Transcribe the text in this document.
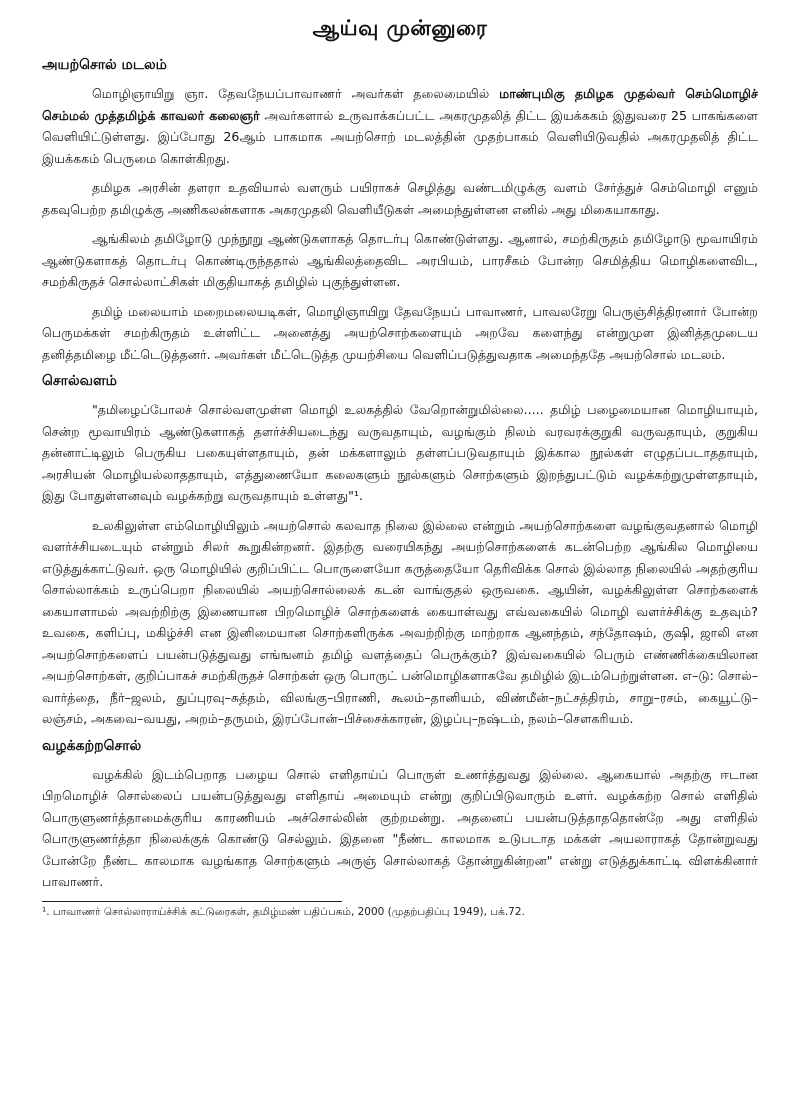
ஆய்வு முன்னுரை
அயற்சொல் மடலம்

மொழிஞாயிறு ஞா. தேவநேயப்பாவாணர் அவர்கள் தலைமையில் மாண்புமிகு தமிழக முதல்வர் செம்மொழிச் செம்மல் முத்தமிழ்க் காவலர் கலைஞர் அவர்களால் உருவாக்கப்பட்ட அகரமுதலித் திட்ட இயக்ககம் இதுவரை 25 பாகங்களை வெளியிட்டுள்ளது. இப்போது 26ஆம் பாகமாக அயற்சொற் மடலத்தின் முதற்பாகம் வெளியிடுவதில் அகரமுதலித் திட்ட இயக்ககம் பெருமை கொள்கிறது.

தமிழக அரசின் தளரா உதவியால் வளரும் பயிராகச் செழித்து வண்டமிழுக்கு வளம் சேர்த்துச் செம்மொழி எனும் தகவுபெற்ற தமிழுக்கு அணிகலன்களாக அகரமுதலி வெளியீடுகள் அமைந்துள்ளன எனில் அது மிகையாகாது.

ஆங்கிலம் தமிழோடு முந்நூறு ஆண்டுகளாகத் தொடர்பு கொண்டுள்ளது. ஆனால், சமற்கிருதம் தமிழோடு மூவாயிரம் ஆண்டுகளாகத் தொடர்பு கொண்டிருந்ததால் ஆங்கிலத்தைவிட அரபியம், பாரசீகம் போன்ற செமித்திய மொழிகளைவிட, சமற்கிருதச் சொல்லாட்சிகள் மிகுதியாகத் தமிழில் புகுந்துள்ளன.

தமிழ் மலையாம் மறைமலையடிகள், மொழிஞாயிறு தேவநேயப் பாவாணர், பாவலரேறு பெருஞ்சித்திரனார் போன்ற பெருமக்கள் சமற்கிருதம் உள்ளிட்ட அனைத்து அயற்சொற்களையும் அறவே களைந்து என்றுமுள இனித்தமுடைய தனித்தமிழை மீட்டெடுத்தனர். அவர்கள் மீட்டெடுத்த முயற்சியை வெளிப்படுத்துவதாக அமைந்ததே அயற்சொல் மடலம்.

சொல்வளம்

"தமிழைப்போலச் சொல்வளமுள்ள மொழி உலகத்தில் வேறொன்றுமில்லை..... தமிழ் பழைமையான மொழியாயும், சென்ற மூவாயிரம் ஆண்டுகளாகத் தளர்ச்சியடைந்து வருவதாயும், வழங்கும் நிலம் வரவரக்குறுகி வருவதாயும், குறுகிய தன்னாட்டிலும் பெருகிய பகையுள்ளதாயும், தன் மக்களாலும் தள்ளப்படுவதாயும் இக்கால நூல்கள் எழுதப்படாததாயும், அரசியன் மொழியல்லாததாயும், எத்துணையோ கலைகளும் நூல்களும் சொற்களும் இறந்துபட்டும் வழக்கற்றுமுள்ளதாயும், இது போதுள்ளனவும் வழக்கற்று வருவதாயும் உள்ளது"¹.

உலகிலுள்ள எம்மொழியிலும் அயற்சொல் கலவாத நிலை இல்லை என்றும் அயற்சொற்களை வழங்குவதனால் மொழி வளர்ச்சியடையும் என்றும் சிலர் கூறுகின்றனர். இதற்கு வரையிகந்து அயற்சொற்களைக் கடன்பெற்ற ஆங்கில மொழியை எடுத்துக்காட்டுவர். ஒரு மொழியில் குறிப்பிட்ட பொருளையோ கருத்தையோ தெரிவிக்க சொல் இல்லாத நிலையில் அதற்குரிய சொல்லாக்கம் உருப்பெறா நிலையில் அயற்சொல்லைக் கடன் வாங்குதல் ஒருவகை. ஆயின், வழக்கிலுள்ள சொற்களைக் கையாளாமல் அவற்றிற்கு இணையான பிறமொழிச் சொற்களைக் கையாள்வது எவ்வகையில் மொழி வளர்ச்சிக்கு உதவும்? உவகை, களிப்பு, மகிழ்ச்சி என இனிமையான சொற்களிருக்க அவற்றிற்கு மாற்றாக ஆனந்தம், சந்தோஷம், குஷி, ஜாலி என அயற்சொற்களைப் பயன்படுத்துவது எங்ஙனம் தமிழ் வளத்தைப் பெருக்கும்? இவ்வகையில் பெரும் எண்ணிக்கையிலான அயற்சொற்கள், குறிப்பாகச் சமற்கிருதச் சொற்கள் ஒரு பொருட் பன்மொழிகளாகவே தமிழில் இடம்பெற்றுள்ளன. எ–டு: சொல்–வார்த்தை, நீர்–ஜலம், துப்புரவு–சுத்தம், விலங்கு–பிராணி, கூலம்–தானியம், விண்மீன்–நட்சத்திரம், சாறு–ரசம், கையூட்டு–லஞ்சம், அகவை–வயது, அறம்–தருமம், இரப்போன்–பிச்சைக்காரன், இழப்பு–நஷ்டம், நலம்–சௌகரியம்.

வழக்கற்றசொல்

வழக்கில் இடம்பெறாத பழைய சொல் எளிதாய்ப் பொருள் உணர்த்துவது இல்லை. ஆகையால் அதற்கு ஈடான பிறமொழிச் சொல்லைப் பயன்படுத்துவது எளிதாய் அமையும் என்று குறிப்பிடுவாரும் உளர். வழக்கற்ற சொல் எளிதில் பொருளுணர்த்தாமைக்குரிய காரணியம் அச்சொல்லின் குற்றமன்று. அதனைப் பயன்படுத்தாததொன்றே அது எளிதில் பொருளுணர்த்தா நிலைக்குக் கொண்டு செல்லும். இதனை "நீண்ட காலமாக உடுபடாத மக்கள் அயலாராகத் தோன்றுவது போன்றே நீண்ட காலமாக வழங்காத சொற்களும் அருஞ் சொல்லாகத் தோன்றுகின்றன" என்று எடுத்துக்காட்டி விளக்கினார் பாவாணர்.

¹. பாவாணர் சொல்லாராய்ச்சிக் கட்டுரைகள், தமிழ்மண் பதிப்பகம், 2000 (முதற்பதிப்பு 1949), பக்.72.
